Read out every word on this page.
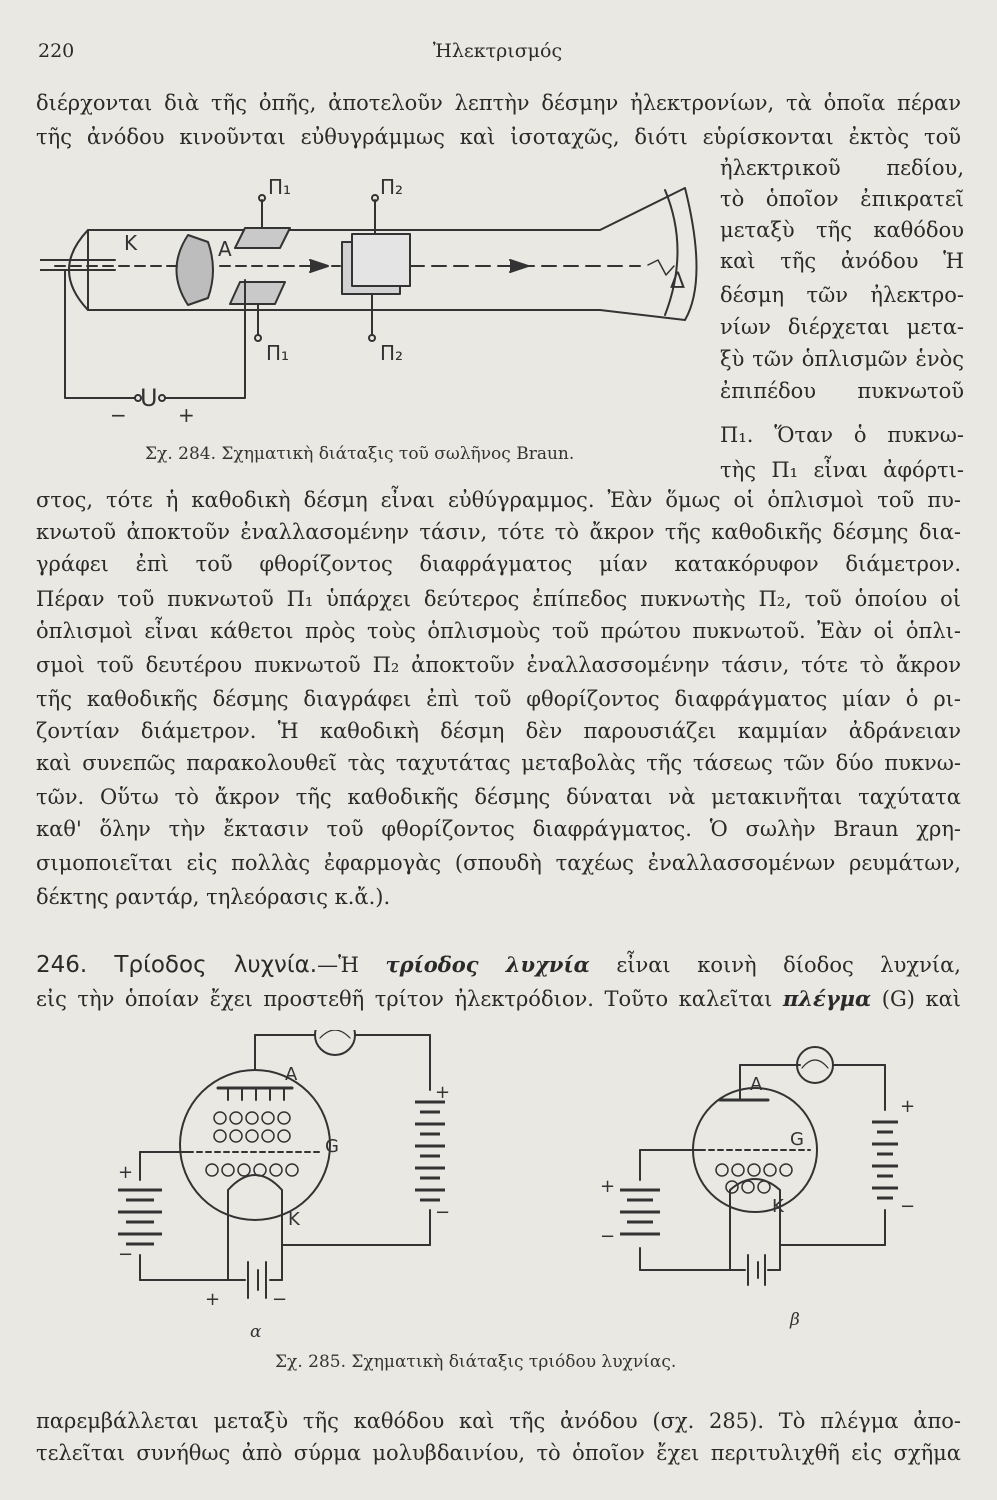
220	Ἠλεκτρισμός
διέρχονται διὰ τῆς ὀπῆς, ἀποτελοῦν λεπτὴν δέσμην ἠλεκτρονίων, τὰ ὁποῖα πέραν
τῆς ἀνόδου κινοῦνται εὐθυγράμμως καὶ ἰσοταχῶς, διότι εὑρίσκονται ἐκτὸς τοῦ
ἠλεκτρικοῦ πεδίου,
τὸ ὁποῖον ἐπικρατεῖ
μεταξὺ τῆς καθόδου
καὶ τῆς ἀνόδου Ἡ
δέσμη τῶν ἠλεκτρο-
νίων διέρχεται μετα-
ξὺ τῶν ὁπλισμῶν ἑνὸς
ἐπιπέδου πυκνωτοῦ
Π₁. Ὅταν ὁ πυκνω-
τὴς Π₁ εἶναι ἀφόρτι-
K	A
Π₁	Π₂
Π₁	Π₂
Δ
U
−	+
Σχ. 284. Σχηματικὴ διάταξις τοῦ σωλῆνος Braun.
στος, τότε ἡ καθοδικὴ δέσμη εἶναι εὐθύγραμμος. Ἐὰν ὅμως οἱ ὁπλισμοὶ τοῦ πυ-
κνωτοῦ ἀποκτοῦν ἐναλλασομένην τάσιν, τότε τὸ ἄκρον τῆς καθοδικῆς δέσμης δια-
γράφει ἐπὶ τοῦ φθορίζοντος διαφράγματος μίαν κατακόρυφον διάμετρον.
Πέραν τοῦ πυκνωτοῦ Π₁ ὑπάρχει δεύτερος ἐπίπεδος πυκνωτὴς Π₂, τοῦ ὁποίου οἱ
ὁπλισμοὶ εἶναι κάθετοι πρὸς τοὺς ὁπλισμοὺς τοῦ πρώτου πυκνωτοῦ. Ἐὰν οἱ ὁπλι-
σμοὶ τοῦ δευτέρου πυκνωτοῦ Π₂ ἀποκτοῦν ἐναλλασσομένην τάσιν, τότε τὸ ἄκρον
τῆς καθοδικῆς δέσμης διαγράφει ἐπὶ τοῦ φθορίζοντος διαφράγματος μίαν ὁ ρι-
ζοντίαν διάμετρον. Ἡ καθοδικὴ δέσμη δὲν παρουσιάζει καμμίαν ἀδράνειαν
καὶ συνεπῶς παρακολουθεῖ τὰς ταχυτάτας μεταβολὰς τῆς τάσεως τῶν δύο πυκνω-
τῶν. Οὕτω τὸ ἄκρον τῆς καθοδικῆς δέσμης δύναται νὰ μετακινῆται ταχύτατα
καθ' ὅλην τὴν ἔκτασιν τοῦ φθορίζοντος διαφράγματος. Ὁ σωλὴν Braun χρη-
σιμοποιεῖται εἰς πολλὰς ἐφαρμογὰς (σπουδὴ ταχέως ἐναλλασσομένων ρευμάτων,
δέκτης ραντάρ, τηλεόρασις κ.ἄ.).
246. Τρίοδος λυχνία.—Ἡ τρίοδος λυχνία εἶναι κοινὴ δίοδος λυχνία,
εἰς τὴν ὁποίαν ἔχει προστεθῆ τρίτον ἠλεκτρόδιον. Τοῦτο καλεῖται πλέγμα (G) καὶ
A
G
K
A
G
K
+
−
+
−
+	−
+
−
+
−
α
β
Σχ. 285. Σχηματικὴ διάταξις τριόδου λυχνίας.
παρεμβάλλεται μεταξὺ τῆς καθόδου καὶ τῆς ἀνόδου (σχ. 285). Τὸ πλέγμα ἀπο-
τελεῖται συνήθως ἀπὸ σύρμα μολυβδαινίου, τὸ ὁποῖον ἔχει περιτυλιχθῆ εἰς σχῆμα
